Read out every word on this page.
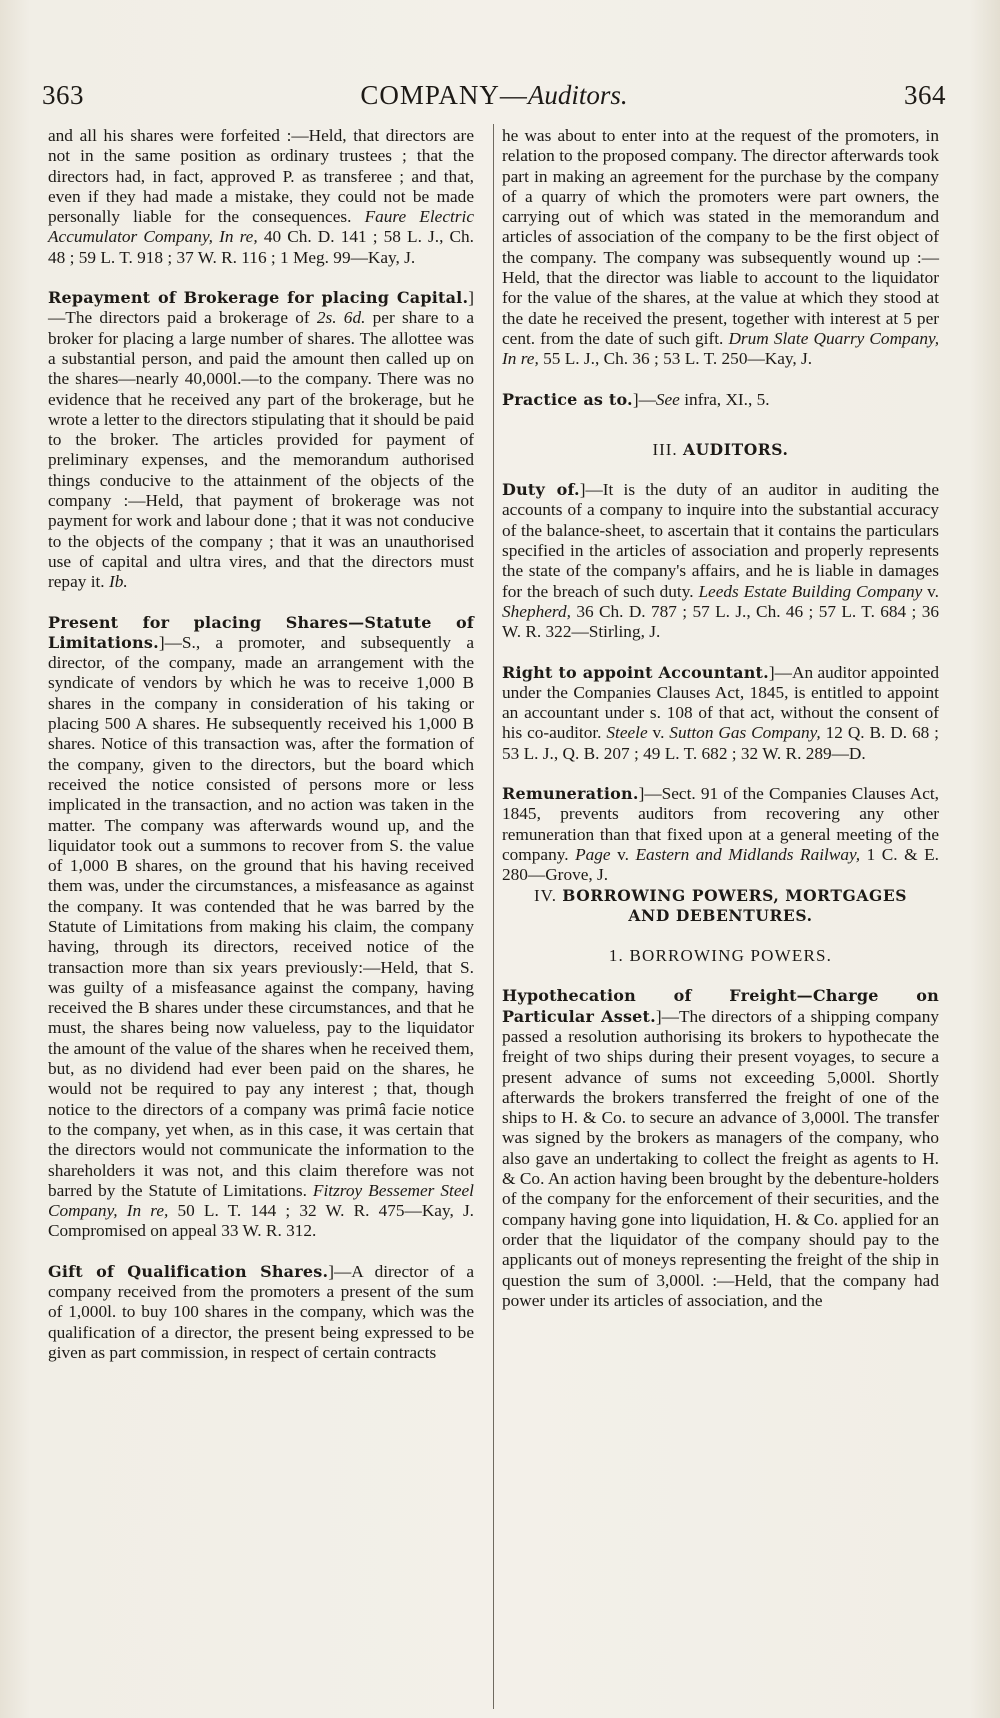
363	COMPANY—Auditors.	364

and all his shares were forfeited :—Held, that directors are not in the same position as ordinary trustees ; that the directors had, in fact, approved P. as transferee ; and that, even if they had made a mistake, they could not be made personally liable for the consequences. Faure Electric Accumulator Company, In re, 40 Ch. D. 141 ; 58 L. J., Ch. 48 ; 59 L. T. 918 ; 37 W. R. 116 ; 1 Meg. 99—Kay, J.

Repayment of Brokerage for placing Capital.]—The directors paid a brokerage of 2s. 6d. per share to a broker for placing a large number of shares. The allottee was a substantial person, and paid the amount then called up on the shares—nearly 40,000l.—to the company. There was no evidence that he received any part of the brokerage, but he wrote a letter to the directors stipulating that it should be paid to the broker. The articles provided for payment of preliminary expenses, and the memorandum authorised things conducive to the attainment of the objects of the company :—Held, that payment of brokerage was not payment for work and labour done ; that it was not conducive to the objects of the company ; that it was an unauthorised use of capital and ultra vires, and that the directors must repay it. Ib.

Present for placing Shares—Statute of Limitations.]—S., a promoter, and subsequently a director, of the company, made an arrangement with the syndicate of vendors by which he was to receive 1,000 B shares in the company in consideration of his taking or placing 500 A shares. He subsequently received his 1,000 B shares. Notice of this transaction was, after the formation of the company, given to the directors, but the board which received the notice consisted of persons more or less implicated in the transaction, and no action was taken in the matter. The company was afterwards wound up, and the liquidator took out a summons to recover from S. the value of 1,000 B shares, on the ground that his having received them was, under the circumstances, a misfeasance as against the company. It was contended that he was barred by the Statute of Limitations from making his claim, the company having, through its directors, received notice of the transaction more than six years previously:—Held, that S. was guilty of a misfeasance against the company, having received the B shares under these circumstances, and that he must, the shares being now valueless, pay to the liquidator the amount of the value of the shares when he received them, but, as no dividend had ever been paid on the shares, he would not be required to pay any interest ; that, though notice to the directors of a company was primâ facie notice to the company, yet when, as in this case, it was certain that the directors would not communicate the information to the shareholders it was not, and this claim therefore was not barred by the Statute of Limitations. Fitzroy Bessemer Steel Company, In re, 50 L. T. 144 ; 32 W. R. 475—Kay, J. Compromised on appeal 33 W. R. 312.

Gift of Qualification Shares.]—A director of a company received from the promoters a present of the sum of 1,000l. to buy 100 shares in the company, which was the qualification of a director, the present being expressed to be given as part commission, in respect of certain contracts

he was about to enter into at the request of the promoters, in relation to the proposed company. The director afterwards took part in making an agreement for the purchase by the company of a quarry of which the promoters were part owners, the carrying out of which was stated in the memorandum and articles of association of the company to be the first object of the company. The company was subsequently wound up :—Held, that the director was liable to account to the liquidator for the value of the shares, at the value at which they stood at the date he received the present, together with interest at 5 per cent. from the date of such gift. Drum Slate Quarry Company, In re, 55 L. J., Ch. 36 ; 53 L. T. 250—Kay, J.

Practice as to.]—See infra, XI., 5.

III. AUDITORS.

Duty of.]—It is the duty of an auditor in auditing the accounts of a company to inquire into the substantial accuracy of the balance-sheet, to ascertain that it contains the particulars specified in the articles of association and properly represents the state of the company's affairs, and he is liable in damages for the breach of such duty. Leeds Estate Building Company v. Shepherd, 36 Ch. D. 787 ; 57 L. J., Ch. 46 ; 57 L. T. 684 ; 36 W. R. 322—Stirling, J.

Right to appoint Accountant.]—An auditor appointed under the Companies Clauses Act, 1845, is entitled to appoint an accountant under s. 108 of that act, without the consent of his co-auditor. Steele v. Sutton Gas Company, 12 Q. B. D. 68 ; 53 L. J., Q. B. 207 ; 49 L. T. 682 ; 32 W. R. 289—D.

Remuneration.]—Sect. 91 of the Companies Clauses Act, 1845, prevents auditors from recovering any other remuneration than that fixed upon at a general meeting of the company. Page v. Eastern and Midlands Railway, 1 C. & E. 280—Grove, J.

IV. BORROWING POWERS, MORTGAGES
AND DEBENTURES.

1. BORROWING POWERS.

Hypothecation of Freight—Charge on Particular Asset.]—The directors of a shipping company passed a resolution authorising its brokers to hypothecate the freight of two ships during their present voyages, to secure a present advance of sums not exceeding 5,000l. Shortly afterwards the brokers transferred the freight of one of the ships to H. & Co. to secure an advance of 3,000l. The transfer was signed by the brokers as managers of the company, who also gave an undertaking to collect the freight as agents to H. & Co. An action having been brought by the debenture-holders of the company for the enforcement of their securities, and the company having gone into liquidation, H. & Co. applied for an order that the liquidator of the company should pay to the applicants out of moneys representing the freight of the ship in question the sum of 3,000l. :—Held, that the company had power under its articles of association, and the
